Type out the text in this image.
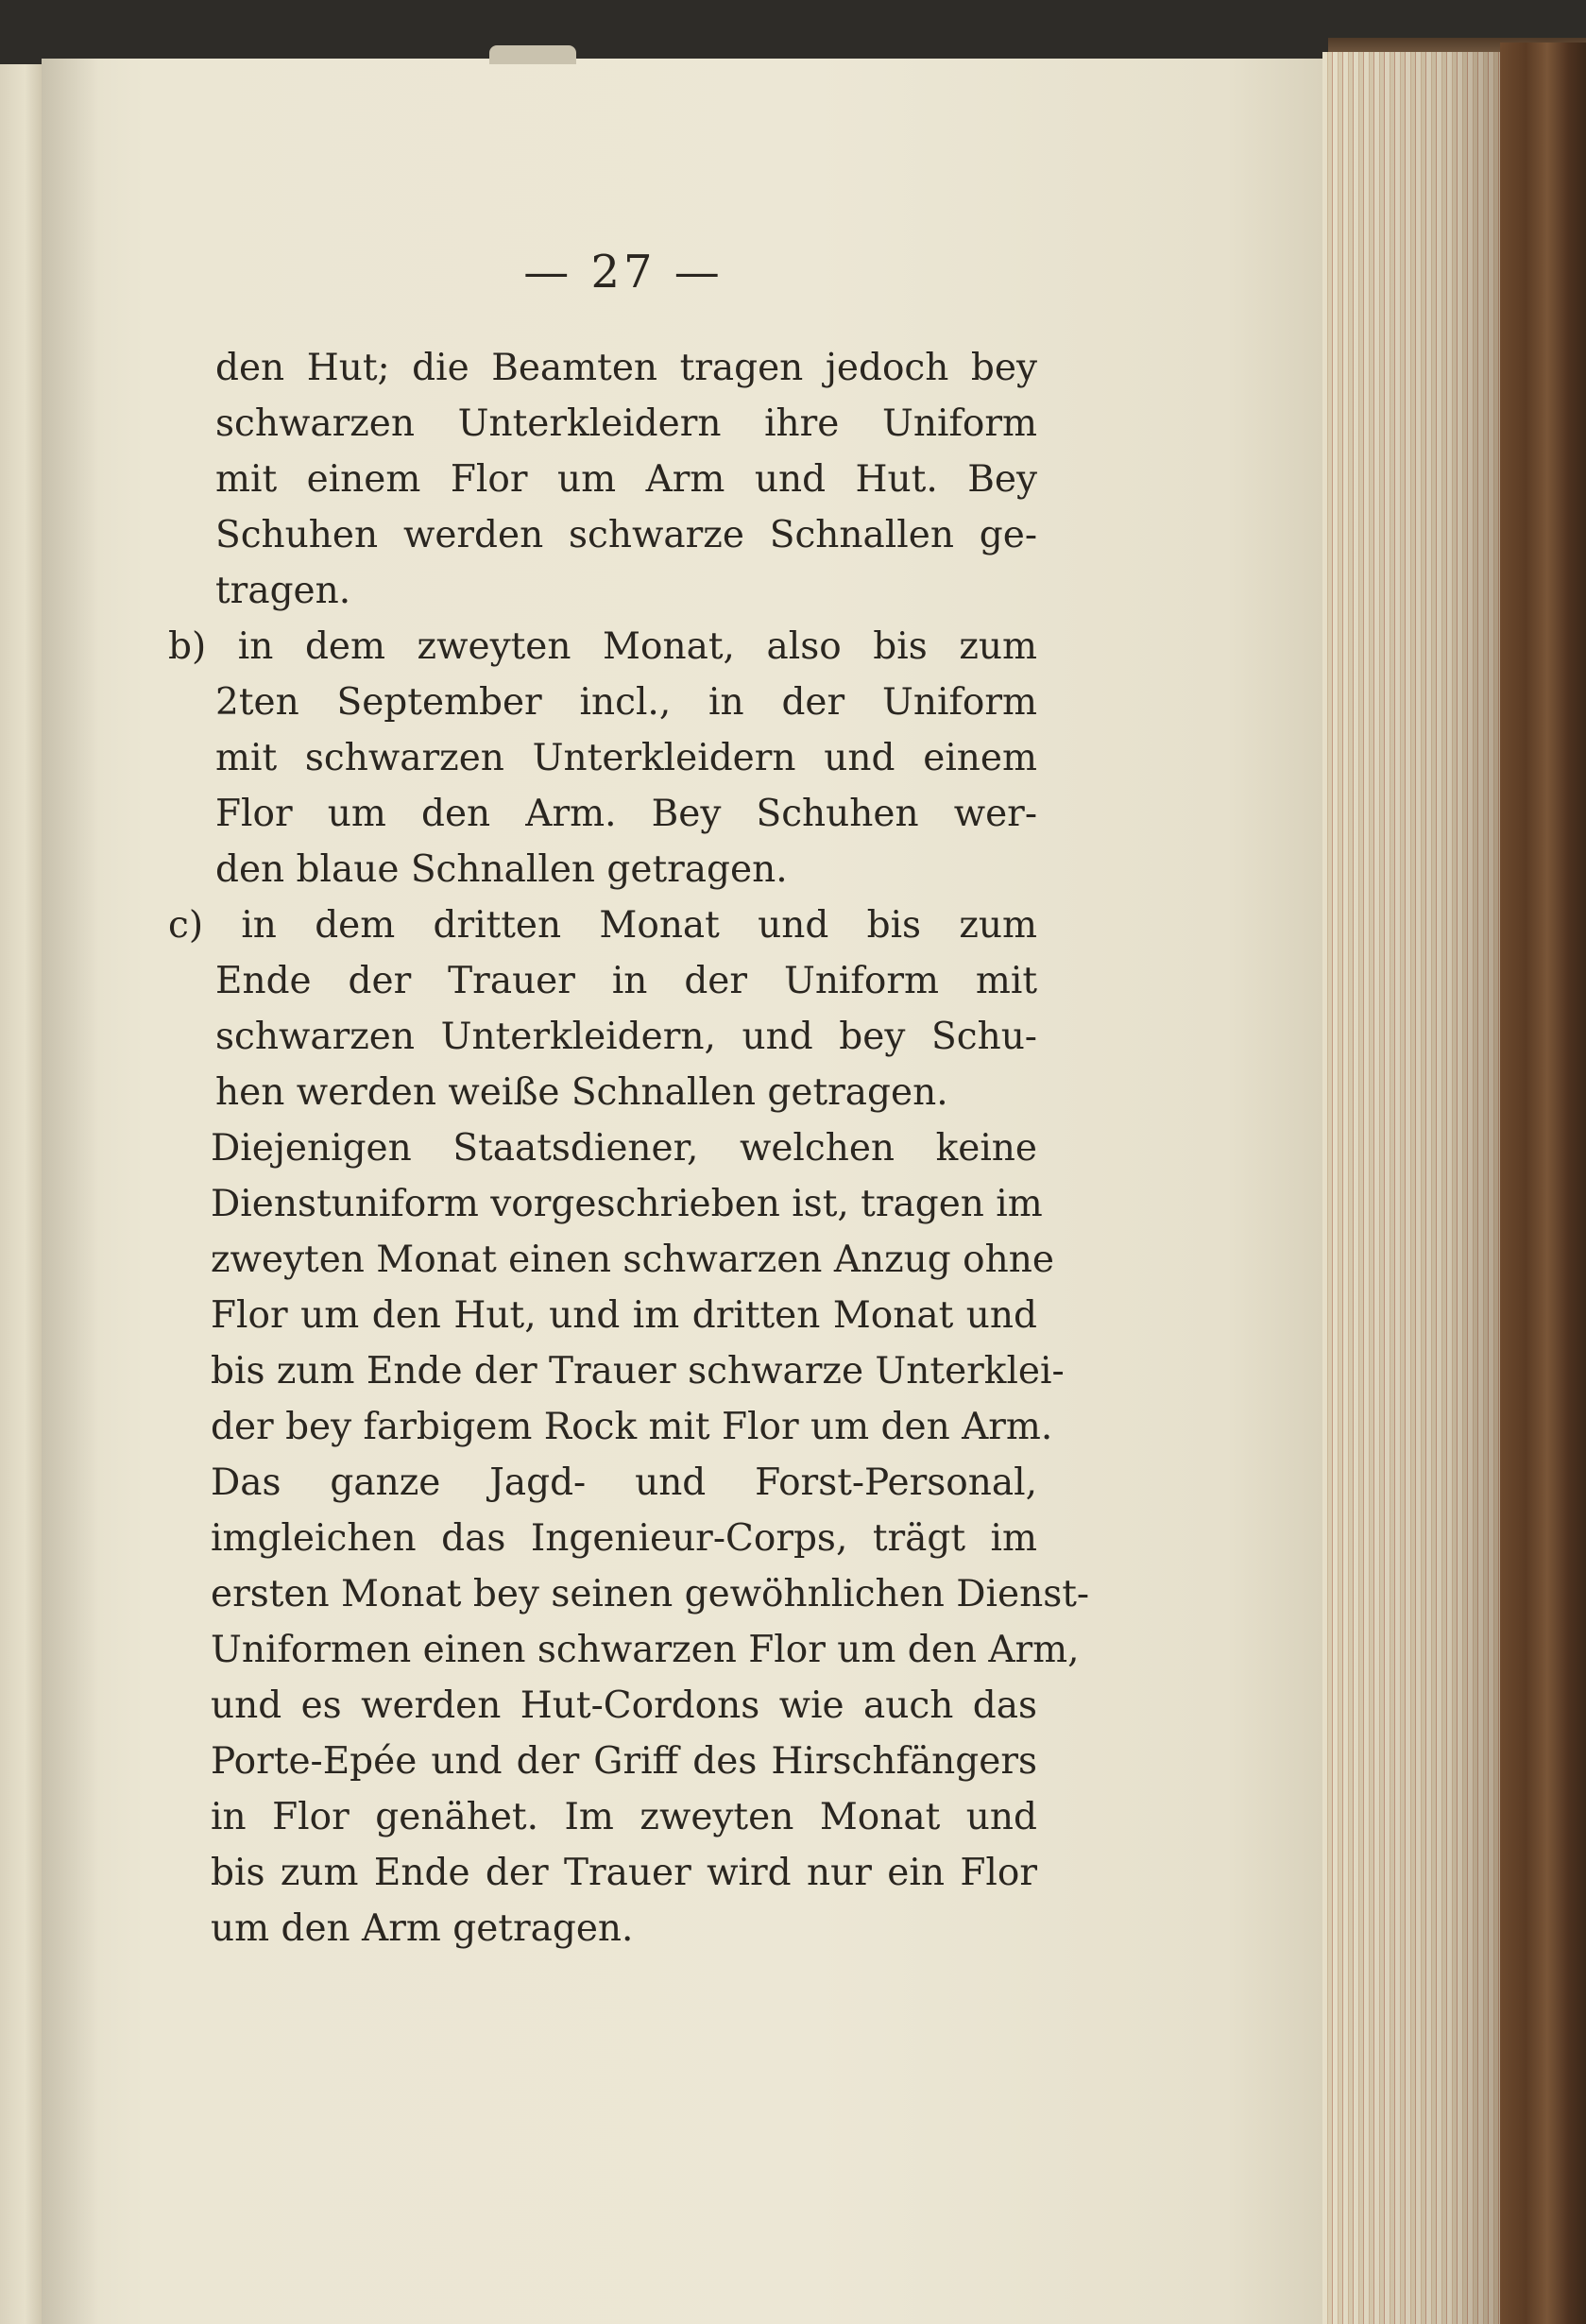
— 27 —
den Hut; die Beamten tragen jedoch bey
schwarzen Unterkleidern ihre Uniform
mit einem Flor um Arm und Hut. Bey
Schuhen werden schwarze Schnallen ge-
tragen.
b) in dem zweyten Monat, also bis zum
2ten September incl., in der Uniform
mit schwarzen Unterkleidern und einem
Flor um den Arm. Bey Schuhen wer-
den blaue Schnallen getragen.
c) in dem dritten Monat und bis zum
Ende der Trauer in der Uniform mit
schwarzen Unterkleidern, und bey Schu-
hen werden weiße Schnallen getragen.
Diejenigen Staatsdiener, welchen keine
Dienstuniform vorgeschrieben ist, tragen im
zweyten Monat einen schwarzen Anzug ohne
Flor um den Hut, und im dritten Monat und
bis zum Ende der Trauer schwarze Unterklei-
der bey farbigem Rock mit Flor um den Arm.
Das ganze Jagd- und Forst-Personal,
imgleichen das Ingenieur-Corps, trägt im
ersten Monat bey seinen gewöhnlichen Dienst-
Uniformen einen schwarzen Flor um den Arm,
und es werden Hut-Cordons wie auch das
Porte-Epée und der Griff des Hirschfängers
in Flor genähet. Im zweyten Monat und
bis zum Ende der Trauer wird nur ein Flor
um den Arm getragen.
